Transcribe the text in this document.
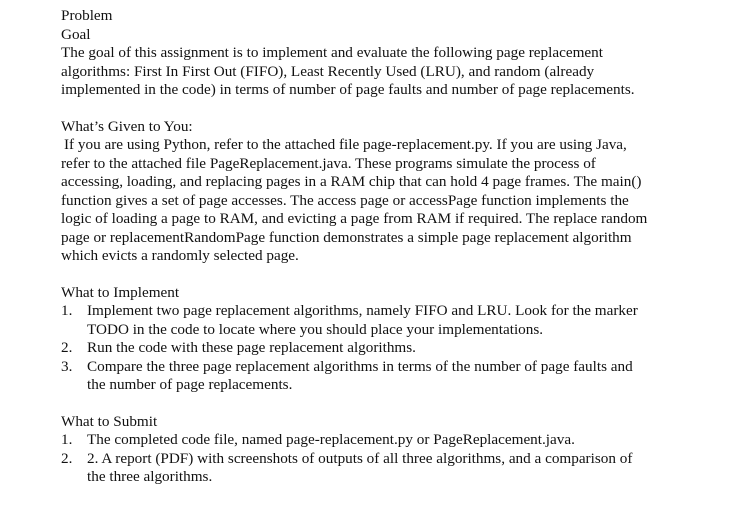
Problem
Goal
The goal of this assignment is to implement and evaluate the following page replacement
algorithms: First In First Out (FIFO), Least Recently Used (LRU), and random (already
implemented in the code) in terms of number of page faults and number of page replacements.
What’s Given to You:
If you are using Python, refer to the attached file page-replacement.py. If you are using Java,
refer to the attached file PageReplacement.java. These programs simulate the process of
accessing, loading, and replacing pages in a RAM chip that can hold 4 page frames. The main()
function gives a set of page accesses. The access page or accessPage function implements the
logic of loading a page to RAM, and evicting a page from RAM if required. The replace random
page or replacementRandomPage function demonstrates a simple page replacement algorithm
which evicts a randomly selected page.
What to Implement
1. Implement two page replacement algorithms, namely FIFO and LRU. Look for the marker
TODO in the code to locate where you should place your implementations.
2. Run the code with these page replacement algorithms.
3. Compare the three page replacement algorithms in terms of the number of page faults and
the number of page replacements.
What to Submit
1. The completed code file, named page-replacement.py or PageReplacement.java.
2. 2. A report (PDF) with screenshots of outputs of all three algorithms, and a comparison of
the three algorithms.
